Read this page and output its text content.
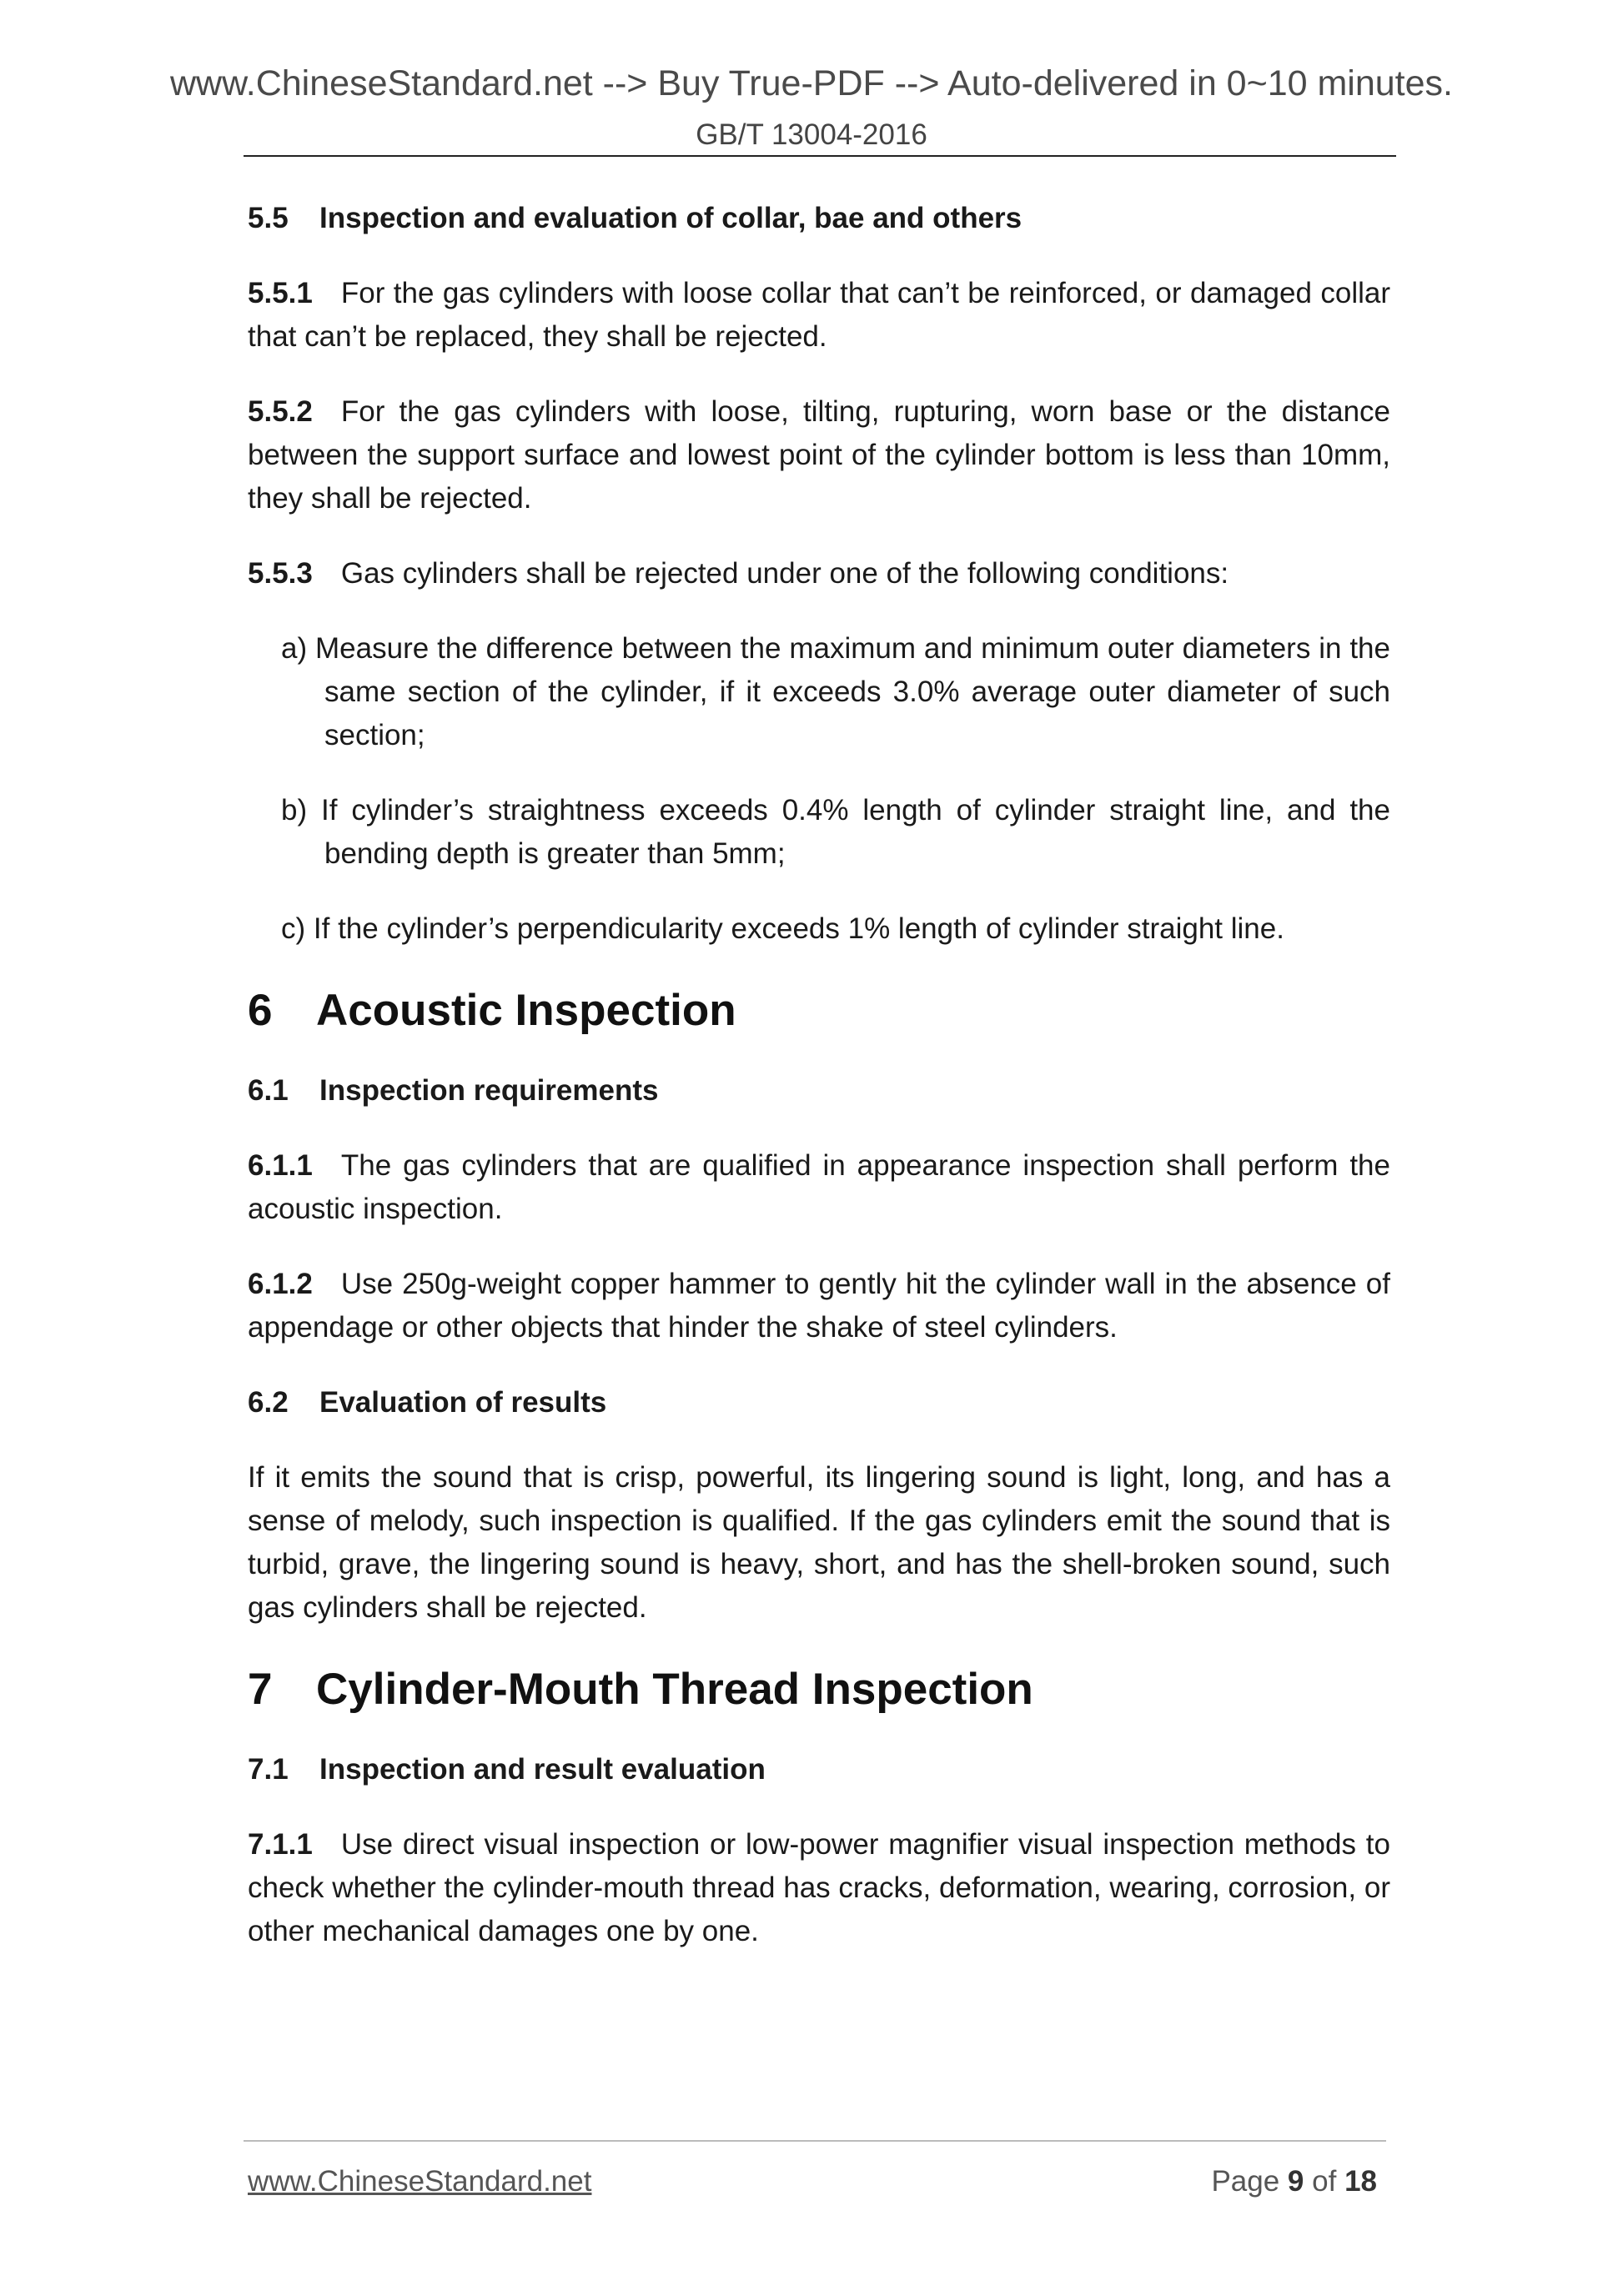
www.ChineseStandard.net --> Buy True-PDF --> Auto-delivered in 0~10 minutes.
GB/T 13004-2016

5.5 Inspection and evaluation of collar, bae and others

5.5.1 For the gas cylinders with loose collar that can’t be reinforced, or damaged collar that can’t be replaced, they shall be rejected.

5.5.2 For the gas cylinders with loose, tilting, rupturing, worn base or the distance between the support surface and lowest point of the cylinder bottom is less than 10mm, they shall be rejected.

5.5.3 Gas cylinders shall be rejected under one of the following conditions:

a) Measure the difference between the maximum and minimum outer diameters in the same section of the cylinder, if it exceeds 3.0% average outer diameter of such section;

b) If cylinder’s straightness exceeds 0.4% length of cylinder straight line, and the bending depth is greater than 5mm;

c) If the cylinder’s perpendicularity exceeds 1% length of cylinder straight line.

6 Acoustic Inspection

6.1 Inspection requirements

6.1.1 The gas cylinders that are qualified in appearance inspection shall perform the acoustic inspection.

6.1.2 Use 250g-weight copper hammer to gently hit the cylinder wall in the absence of appendage or other objects that hinder the shake of steel cylinders.

6.2 Evaluation of results

If it emits the sound that is crisp, powerful, its lingering sound is light, long, and has a sense of melody, such inspection is qualified. If the gas cylinders emit the sound that is turbid, grave, the lingering sound is heavy, short, and has the shell-broken sound, such gas cylinders shall be rejected.

7 Cylinder-Mouth Thread Inspection

7.1 Inspection and result evaluation

7.1.1 Use direct visual inspection or low-power magnifier visual inspection methods to check whether the cylinder-mouth thread has cracks, deformation, wearing, corrosion, or other mechanical damages one by one.

www.ChineseStandard.net	Page 9 of 18
